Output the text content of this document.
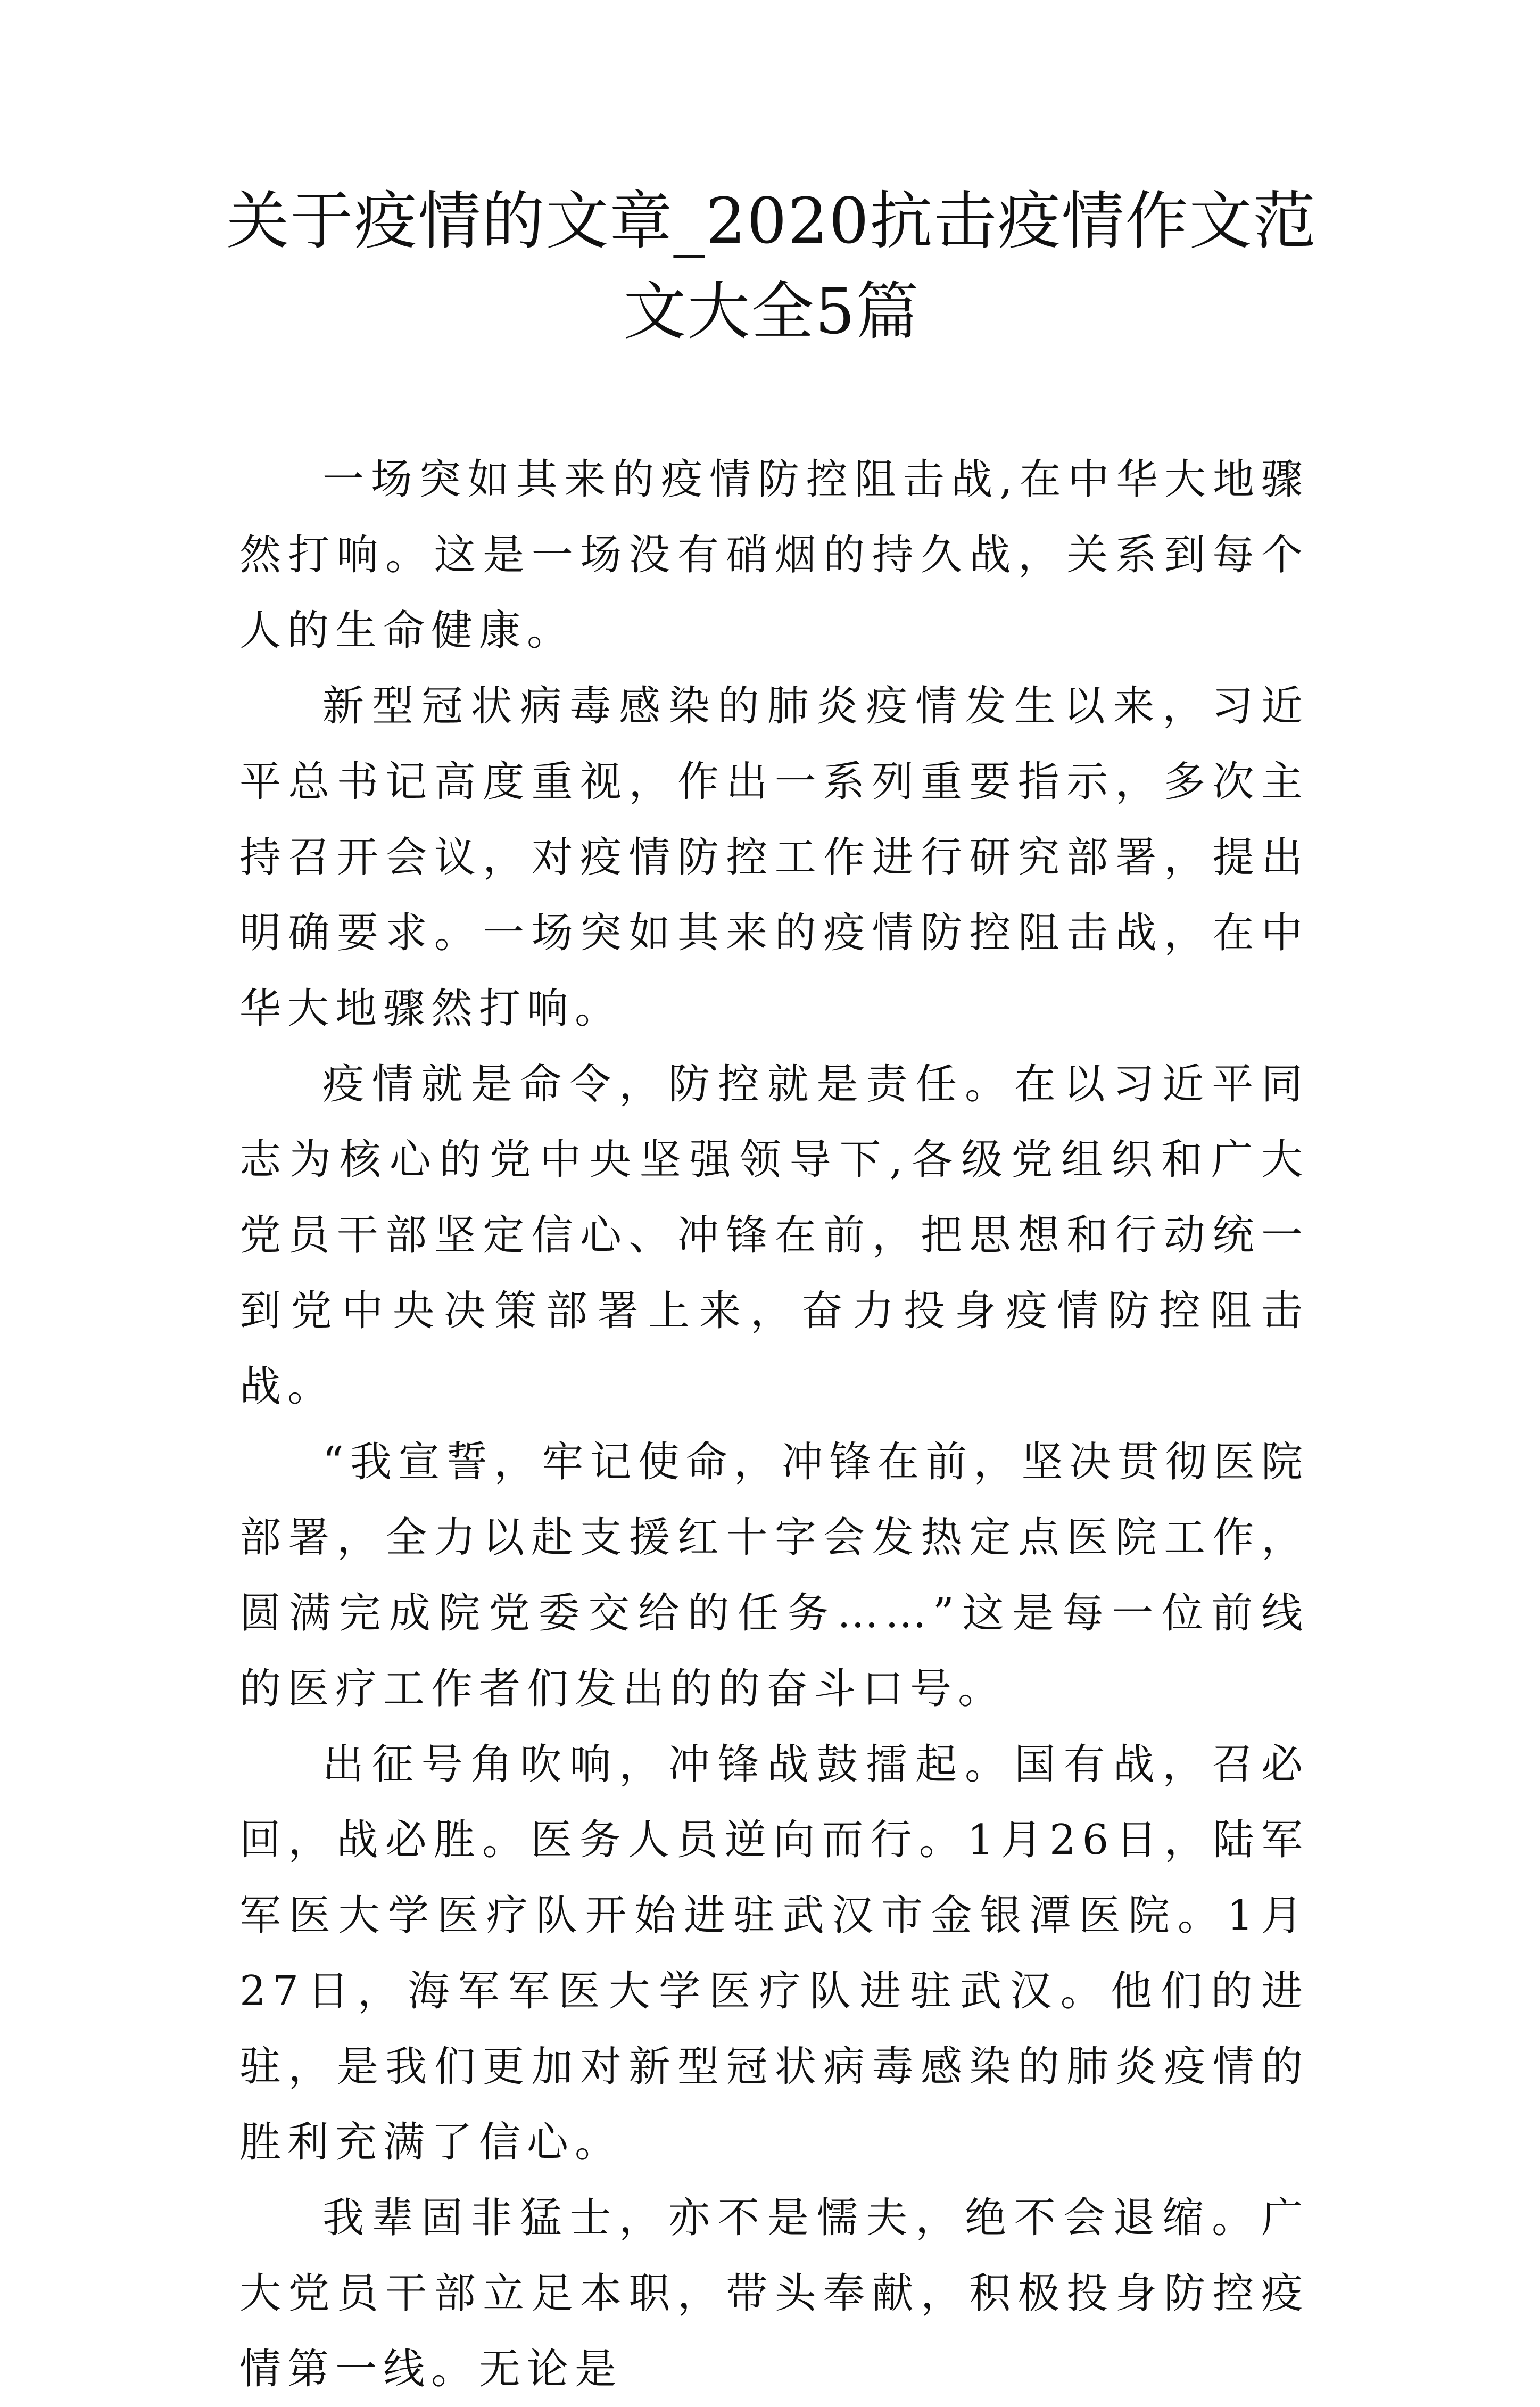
关于疫情的文章_2020抗击疫情作文范文大全5篇

一场突如其来的疫情防控阻击战,在中华大地骤然打响。这是一场没有硝烟的持久战，关系到每个人的生命健康。

新型冠状病毒感染的肺炎疫情发生以来，习近平总书记高度重视，作出一系列重要指示，多次主持召开会议，对疫情防控工作进行研究部署，提出明确要求。一场突如其来的疫情防控阻击战，在中华大地骤然打响。

疫情就是命令，防控就是责任。在以习近平同志为核心的党中央坚强领导下,各级党组织和广大党员干部坚定信心、冲锋在前，把思想和行动统一到党中央决策部署上来，奋力投身疫情防控阻击战。

“我宣誓，牢记使命，冲锋在前，坚决贯彻医院部署，全力以赴支援红十字会发热定点医院工作，圆满完成院党委交给的任务……”这是每一位前线的医疗工作者们发出的的奋斗口号。

出征号角吹响，冲锋战鼓擂起。国有战，召必回，战必胜。医务人员逆向而行。1月26日，陆军军医大学医疗队开始进驻武汉市金银潭医院。1月27日，海军军医大学医疗队进驻武汉。他们的进驻，是我们更加对新型冠状病毒感染的肺炎疫情的胜利充满了信心。

我辈固非猛士，亦不是懦夫，绝不会退缩。广大党员干部立足本职，带头奉献，积极投身防控疫情第一线。无论是
